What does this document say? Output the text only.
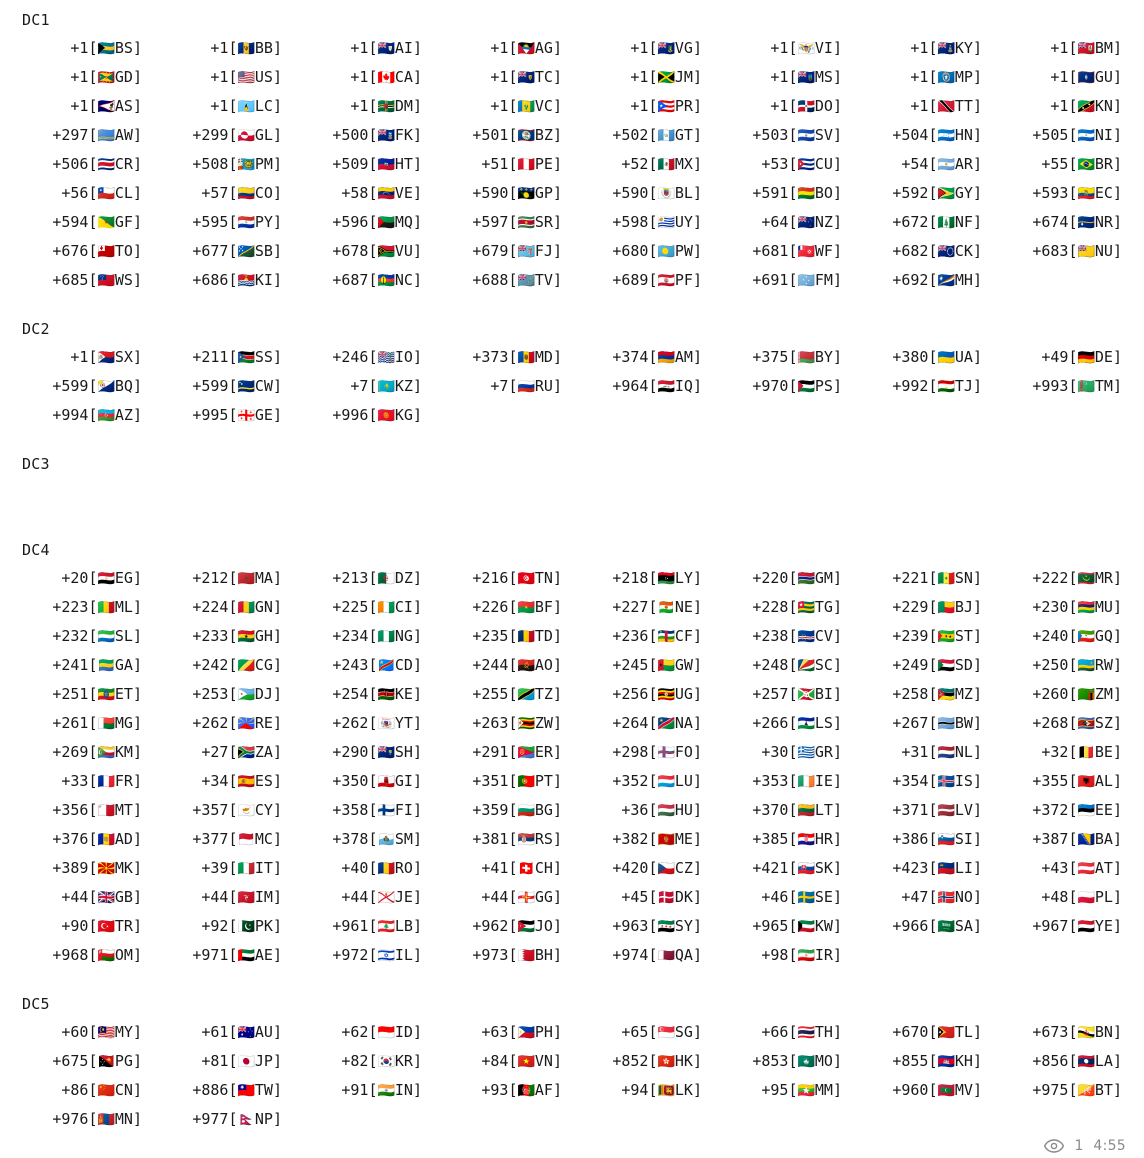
DC1
+1[🇧🇸BS]	+1[🇧🇧BB]	+1[🇦🇮AI]	+1[🇦🇬AG]	+1[🇻🇬VG]	+1[🇻🇮VI]	+1[🇰🇾KY]	+1[🇧🇲BM]
+1[🇬🇩GD]	+1[🇺🇸US]	+1[🇨🇦CA]	+1[🇹🇨TC]	+1[🇯🇲JM]	+1[🇲🇸MS]	+1[🇲🇵MP]	+1[🇬🇺GU]
+1[🇦🇸AS]	+1[🇱🇨LC]	+1[🇩🇲DM]	+1[🇻🇨VC]	+1[🇵🇷PR]	+1[🇩🇴DO]	+1[🇹🇹TT]	+1[🇰🇳KN]
+297[🇦🇼AW]	+299[🇬🇱GL]	+500[🇫🇰FK]	+501[🇧🇿BZ]	+502[🇬🇹GT]	+503[🇸🇻SV]	+504[🇭🇳HN]	+505[🇳🇮NI]
+506[🇨🇷CR]	+508[🇵🇲PM]	+509[🇭🇹HT]	+51[🇵🇪PE]	+52[🇲🇽MX]	+53[🇨🇺CU]	+54[🇦🇷AR]	+55[🇧🇷BR]
+56[🇨🇱CL]	+57[🇨🇴CO]	+58[🇻🇪VE]	+590[🇬🇵GP]	+590[🇧🇱BL]	+591[🇧🇴BO]	+592[🇬🇾GY]	+593[🇪🇨EC]
+594[🇬🇫GF]	+595[🇵🇾PY]	+596[🇲🇶MQ]	+597[🇸🇷SR]	+598[🇺🇾UY]	+64[🇳🇿NZ]	+672[🇳🇫NF]	+674[🇳🇷NR]
+676[🇹🇴TO]	+677[🇸🇧SB]	+678[🇻🇺VU]	+679[🇫🇯FJ]	+680[🇵🇼PW]	+681[🇼🇫WF]	+682[🇨🇰CK]	+683[🇳🇺NU]
+685[🇼🇸WS]	+686[🇰🇮KI]	+687[🇳🇨NC]	+688[🇹🇻TV]	+689[🇵🇫PF]	+691[🇫🇲FM]	+692[🇲🇭MH]
DC2
+1[🇸🇽SX]	+211[🇸🇸SS]	+246[🇮🇴IO]	+373[🇲🇩MD]	+374[🇦🇲AM]	+375[🇧🇾BY]	+380[🇺🇦UA]	+49[🇩🇪DE]
+599[🇧🇶BQ]	+599[🇨🇼CW]	+7[🇰🇿KZ]	+7[🇷🇺RU]	+964[🇮🇶IQ]	+970[🇵🇸PS]	+992[🇹🇯TJ]	+993[🇹🇲TM]
+994[🇦🇿AZ]	+995[🇬🇪GE]	+996[🇰🇬KG]
DC3
DC4
+20[🇪🇬EG]	+212[🇲🇦MA]	+213[🇩🇿DZ]	+216[🇹🇳TN]	+218[🇱🇾LY]	+220[🇬🇲GM]	+221[🇸🇳SN]	+222[🇲🇷MR]
+223[🇲🇱ML]	+224[🇬🇳GN]	+225[🇨🇮CI]	+226[🇧🇫BF]	+227[🇳🇪NE]	+228[🇹🇬TG]	+229[🇧🇯BJ]	+230[🇲🇺MU]
+232[🇸🇱SL]	+233[🇬🇭GH]	+234[🇳🇬NG]	+235[🇹🇩TD]	+236[🇨🇫CF]	+238[🇨🇻CV]	+239[🇸🇹ST]	+240[🇬🇶GQ]
+241[🇬🇦GA]	+242[🇨🇬CG]	+243[🇨🇩CD]	+244[🇦🇴AO]	+245[🇬🇼GW]	+248[🇸🇨SC]	+249[🇸🇩SD]	+250[🇷🇼RW]
+251[🇪🇹ET]	+253[🇩🇯DJ]	+254[🇰🇪KE]	+255[🇹🇿TZ]	+256[🇺🇬UG]	+257[🇧🇮BI]	+258[🇲🇿MZ]	+260[🇿🇲ZM]
+261[🇲🇬MG]	+262[🇷🇪RE]	+262[🇾🇹YT]	+263[🇿🇼ZW]	+264[🇳🇦NA]	+266[🇱🇸LS]	+267[🇧🇼BW]	+268[🇸🇿SZ]
+269[🇰🇲KM]	+27[🇿🇦ZA]	+290[🇸🇭SH]	+291[🇪🇷ER]	+298[🇫🇴FO]	+30[🇬🇷GR]	+31[🇳🇱NL]	+32[🇧🇪BE]
+33[🇫🇷FR]	+34[🇪🇸ES]	+350[🇬🇮GI]	+351[🇵🇹PT]	+352[🇱🇺LU]	+353[🇮🇪IE]	+354[🇮🇸IS]	+355[🇦🇱AL]
+356[🇲🇹MT]	+357[🇨🇾CY]	+358[🇫🇮FI]	+359[🇧🇬BG]	+36[🇭🇺HU]	+370[🇱🇹LT]	+371[🇱🇻LV]	+372[🇪🇪EE]
+376[🇦🇩AD]	+377[🇲🇨MC]	+378[🇸🇲SM]	+381[🇷🇸RS]	+382[🇲🇪ME]	+385[🇭🇷HR]	+386[🇸🇮SI]	+387[🇧🇦BA]
+389[🇲🇰MK]	+39[🇮🇹IT]	+40[🇷🇴RO]	+41[🇨🇭CH]	+420[🇨🇿CZ]	+421[🇸🇰SK]	+423[🇱🇮LI]	+43[🇦🇹AT]
+44[🇬🇧GB]	+44[🇮🇲IM]	+44[🇯🇪JE]	+44[🇬🇬GG]	+45[🇩🇰DK]	+46[🇸🇪SE]	+47[🇳🇴NO]	+48[🇵🇱PL]
+90[🇹🇷TR]	+92[🇵🇰PK]	+961[🇱🇧LB]	+962[🇯🇴JO]	+963[🇸🇾SY]	+965[🇰🇼KW]	+966[🇸🇦SA]	+967[🇾🇪YE]
+968[🇴🇲OM]	+971[🇦🇪AE]	+972[🇮🇱IL]	+973[🇧🇭BH]	+974[🇶🇦QA]	+98[🇮🇷IR]
DC5
+60[🇲🇾MY]	+61[🇦🇺AU]	+62[🇮🇩ID]	+63[🇵🇭PH]	+65[🇸🇬SG]	+66[🇹🇭TH]	+670[🇹🇱TL]	+673[🇧🇳BN]
+675[🇵🇬PG]	+81[🇯🇵JP]	+82[🇰🇷KR]	+84[🇻🇳VN]	+852[🇭🇰HK]	+853[🇲🇴MO]	+855[🇰🇭KH]	+856[🇱🇦LA]
+86[🇨🇳CN]	+886[🇹🇼TW]	+91[🇮🇳IN]	+93[🇦🇫AF]	+94[🇱🇰LK]	+95[🇲🇲MM]	+960[🇲🇻MV]	+975[🇧🇹BT]
+976[🇲🇳MN]	+977[🇳🇵NP]
1 4:55
